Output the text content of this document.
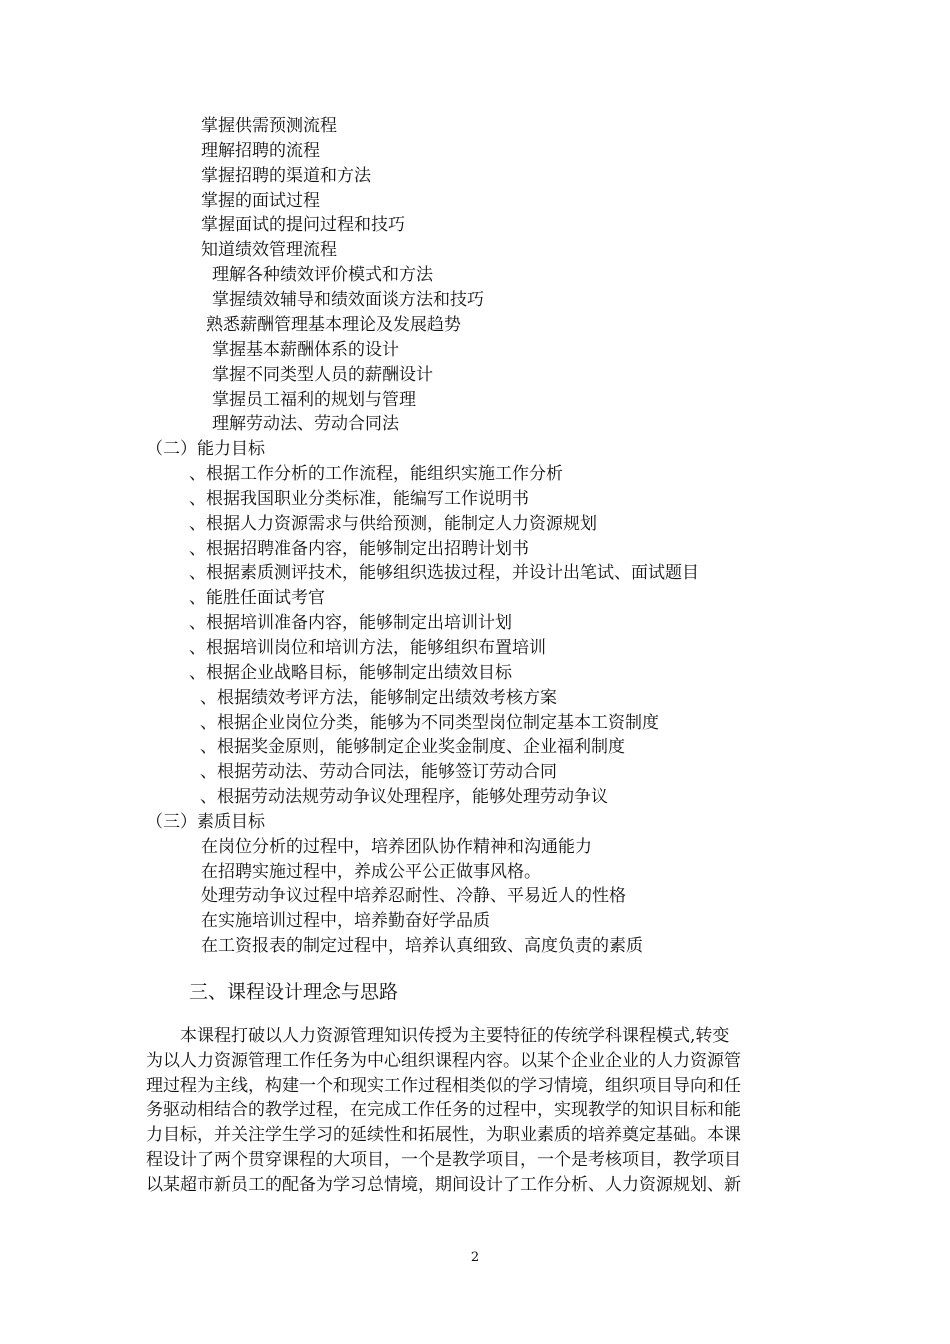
掌握供需预测流程
理解招聘的流程
掌握招聘的渠道和方法
掌握的面试过程
掌握面试的提问过程和技巧
知道绩效管理流程
理解各种绩效评价模式和方法
掌握绩效辅导和绩效面谈方法和技巧
熟悉薪酬管理基本理论及发展趋势
掌握基本薪酬体系的设计
掌握不同类型人员的薪酬设计
掌握员工福利的规划与管理
理解劳动法、劳动合同法
（二）能力目标
、根据工作分析的工作流程，能组织实施工作分析
、根据我国职业分类标准，能编写工作说明书
、根据人力资源需求与供给预测，能制定人力资源规划
、根据招聘准备内容，能够制定出招聘计划书
、根据素质测评技术，能够组织选拔过程，并设计出笔试、面试题目
、能胜任面试考官
、根据培训准备内容，能够制定出培训计划
、根据培训岗位和培训方法，能够组织布置培训
、根据企业战略目标，能够制定出绩效目标
、根据绩效考评方法，能够制定出绩效考核方案
、根据企业岗位分类，能够为不同类型岗位制定基本工资制度
、根据奖金原则，能够制定企业奖金制度、企业福利制度
、根据劳动法、劳动合同法，能够签订劳动合同
、根据劳动法规劳动争议处理程序，能够处理劳动争议
（三）素质目标
在岗位分析的过程中，培养团队协作精神和沟通能力
在招聘实施过程中，养成公平公正做事风格。
处理劳动争议过程中培养忍耐性、冷静、平易近人的性格
在实施培训过程中，培养勤奋好学品质
在工资报表的制定过程中，培养认真细致、高度负责的素质
三、课程设计理念与思路
本课程打破以人力资源管理知识传授为主要特征的传统学科课程模式,转变
为以人力资源管理工作任务为中心组织课程内容。以某个企业企业的人力资源管
理过程为主线，构建一个和现实工作过程相类似的学习情境，组织项目导向和任
务驱动相结合的教学过程，在完成工作任务的过程中，实现教学的知识目标和能
力目标，并关注学生学习的延续性和拓展性，为职业素质的培养奠定基础。本课
程设计了两个贯穿课程的大项目，一个是教学项目，一个是考核项目，教学项目
以某超市新员工的配备为学习总情境，期间设计了工作分析、人力资源规划、新
2
